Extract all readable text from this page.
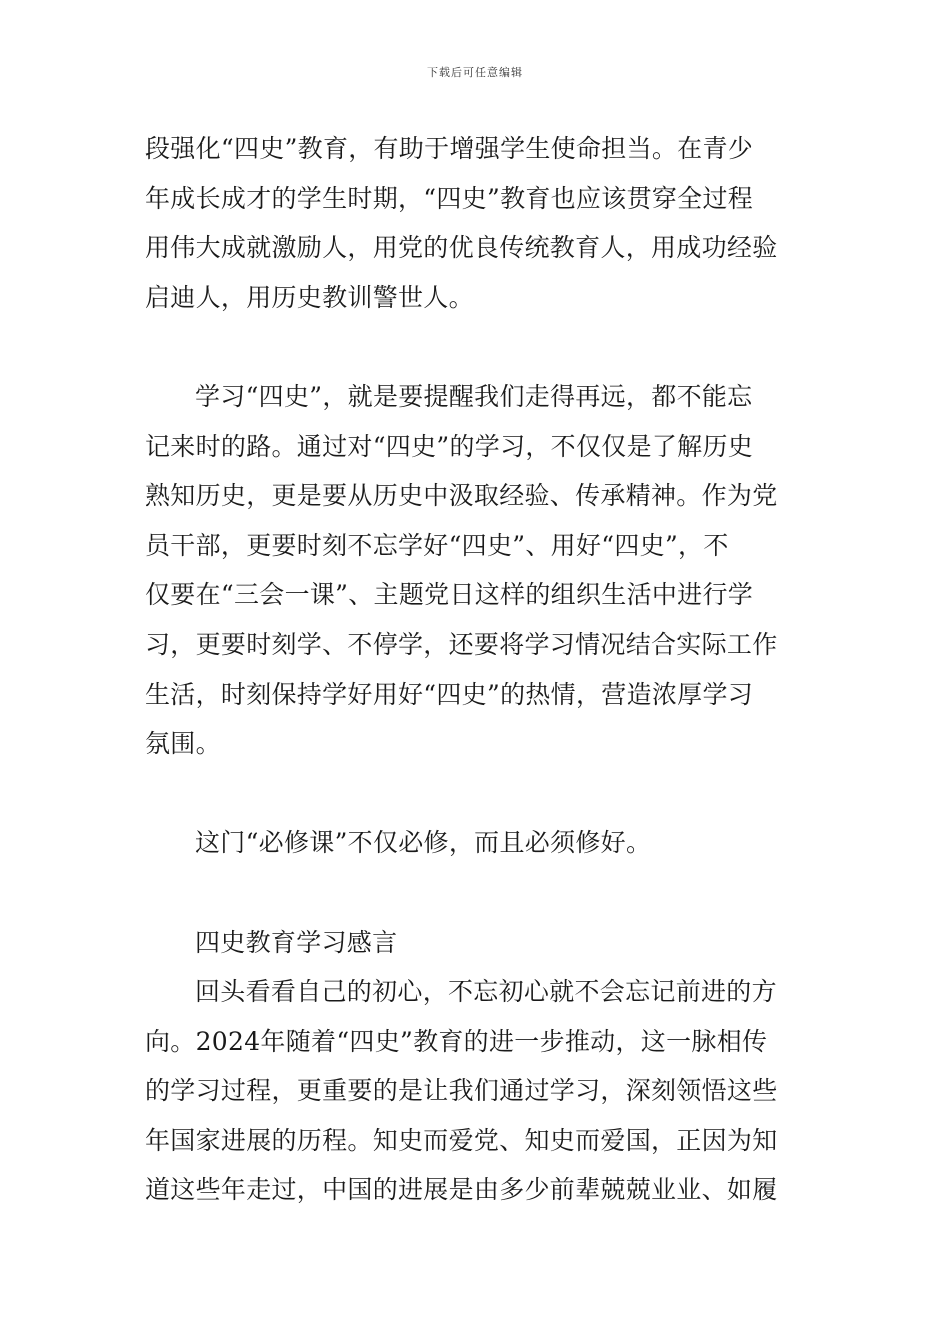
下载后可任意编辑
段强化“四史”教育，有助于增强学生使命担当。在青少
年成长成才的学生时期，“四史”教育也应该贯穿全过程
用伟大成就激励人，用党的优良传统教育人，用成功经验
启迪人，用历史教训警世人。
学习“四史”，就是要提醒我们走得再远，都不能忘
记来时的路。通过对“四史”的学习，不仅仅是了解历史
熟知历史，更是要从历史中汲取经验、传承精神。作为党
员干部，更要时刻不忘学好“四史”、用好“四史”，不
仅要在“三会一课”、主题党日这样的组织生活中进行学
习，更要时刻学、不停学，还要将学习情况结合实际工作
生活，时刻保持学好用好“四史”的热情，营造浓厚学习
氛围。
这门“必修课”不仅必修，而且必须修好。
四史教育学习感言
回头看看自己的初心，不忘初心就不会忘记前进的方
向。2024年随着“四史”教育的进一步推动，这一脉相传
的学习过程，更重要的是让我们通过学习，深刻领悟这些
年国家进展的历程。知史而爱党、知史而爱国，正因为知
道这些年走过，中国的进展是由多少前辈兢兢业业、如履
